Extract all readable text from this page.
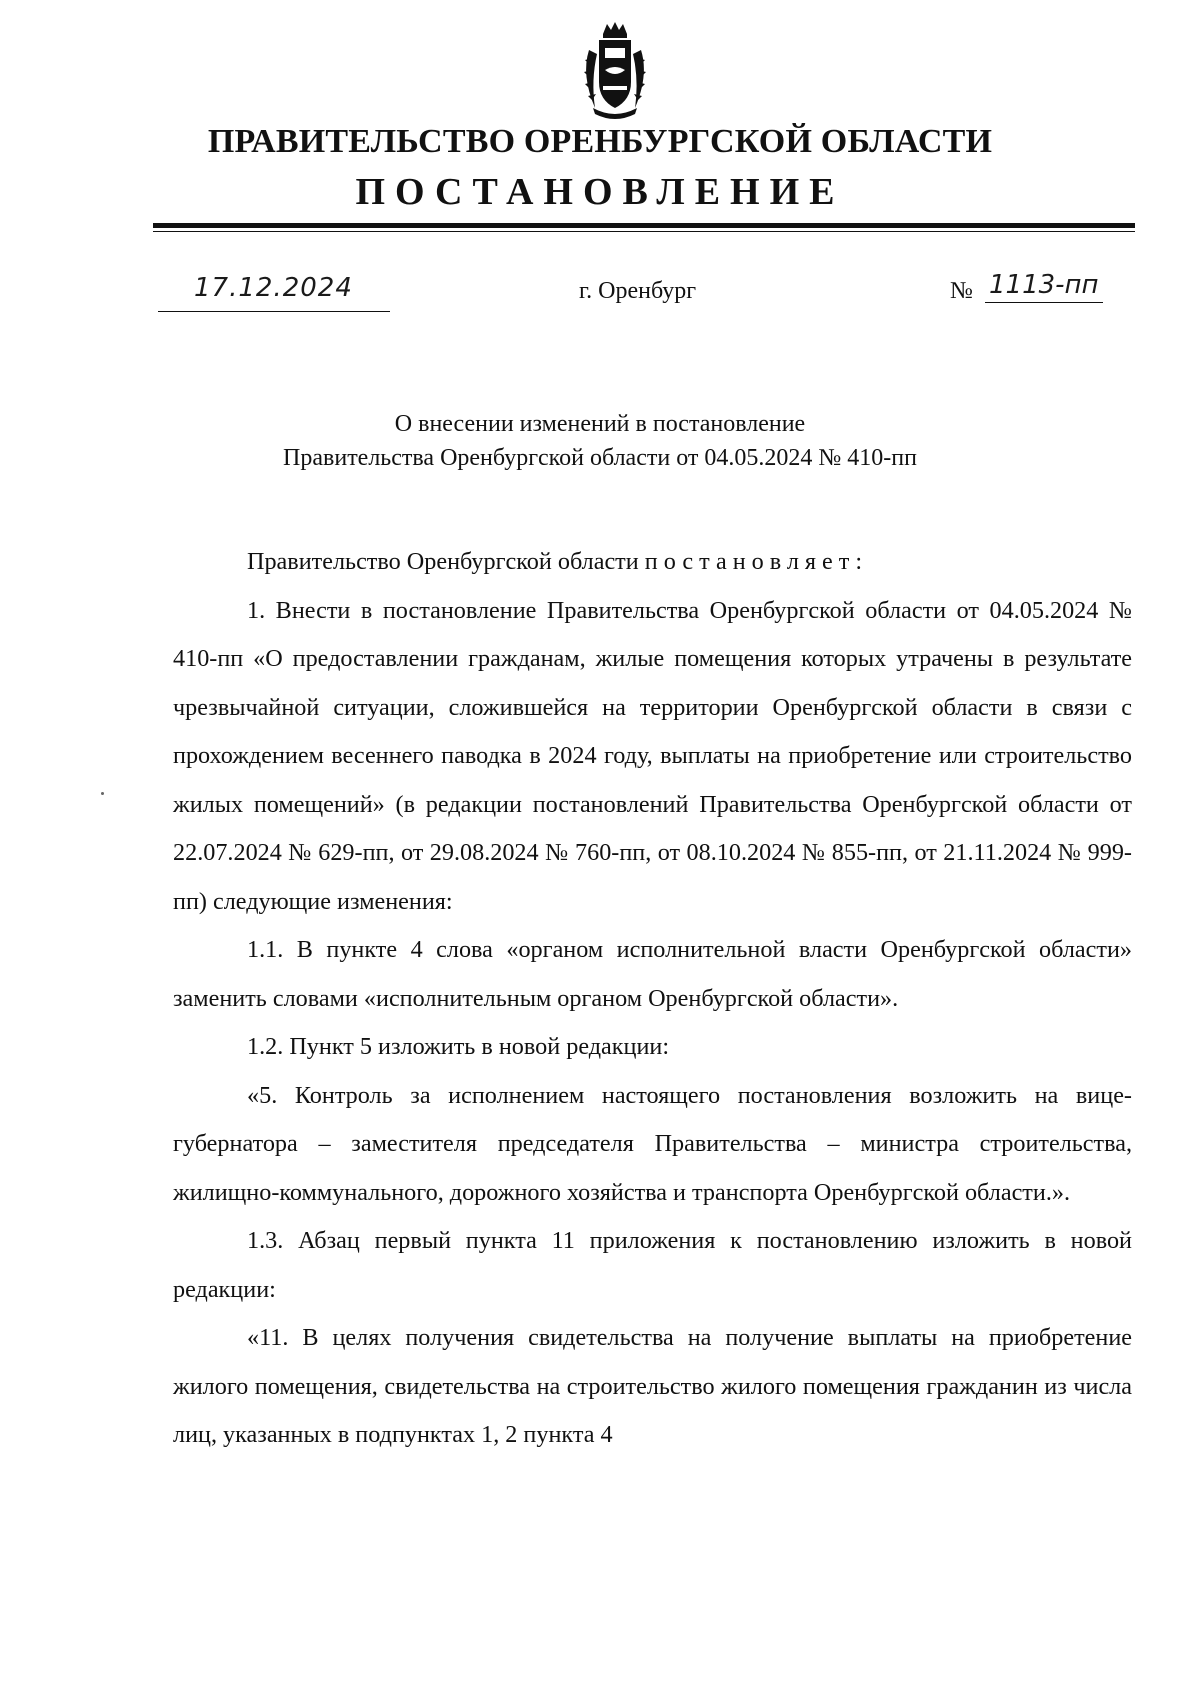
ПРАВИТЕЛЬСТВО ОРЕНБУРГСКОЙ ОБЛАСТИ
ПОСТАНОВЛЕНИЕ
17.12.2024	г. Оренбург	№ 1113-пп
О внесении изменений в постановление
Правительства Оренбургской области от 04.05.2024 № 410-пп

Правительство Оренбургской области постановляет:

1. Внести в постановление Правительства Оренбургской области от 04.05.2024 № 410-пп «О предоставлении гражданам, жилые помещения которых утрачены в результате чрезвычайной ситуации, сложившейся на территории Оренбургской области в связи с прохождением весеннего паводка в 2024 году, выплаты на приобретение или строительство жилых помещений» (в редакции постановлений Правительства Оренбургской области от 22.07.2024 № 629-пп, от 29.08.2024 № 760-пп, от 08.10.2024 № 855-пп, от 21.11.2024 № 999-пп) следующие изменения:

1.1. В пункте 4 слова «органом исполнительной власти Оренбургской области» заменить словами «исполнительным органом Оренбургской области».

1.2. Пункт 5 изложить в новой редакции:

«5. Контроль за исполнением настоящего постановления возложить на вице-губернатора – заместителя председателя Правительства – министра строительства, жилищно-коммунального, дорожного хозяйства и транспорта Оренбургской области.».

1.3. Абзац первый пункта 11 приложения к постановлению изложить в новой редакции:

«11. В целях получения свидетельства на получение выплаты на приобретение жилого помещения, свидетельства на строительство жилого помещения гражданин из числа лиц, указанных в подпунктах 1, 2 пункта 4
